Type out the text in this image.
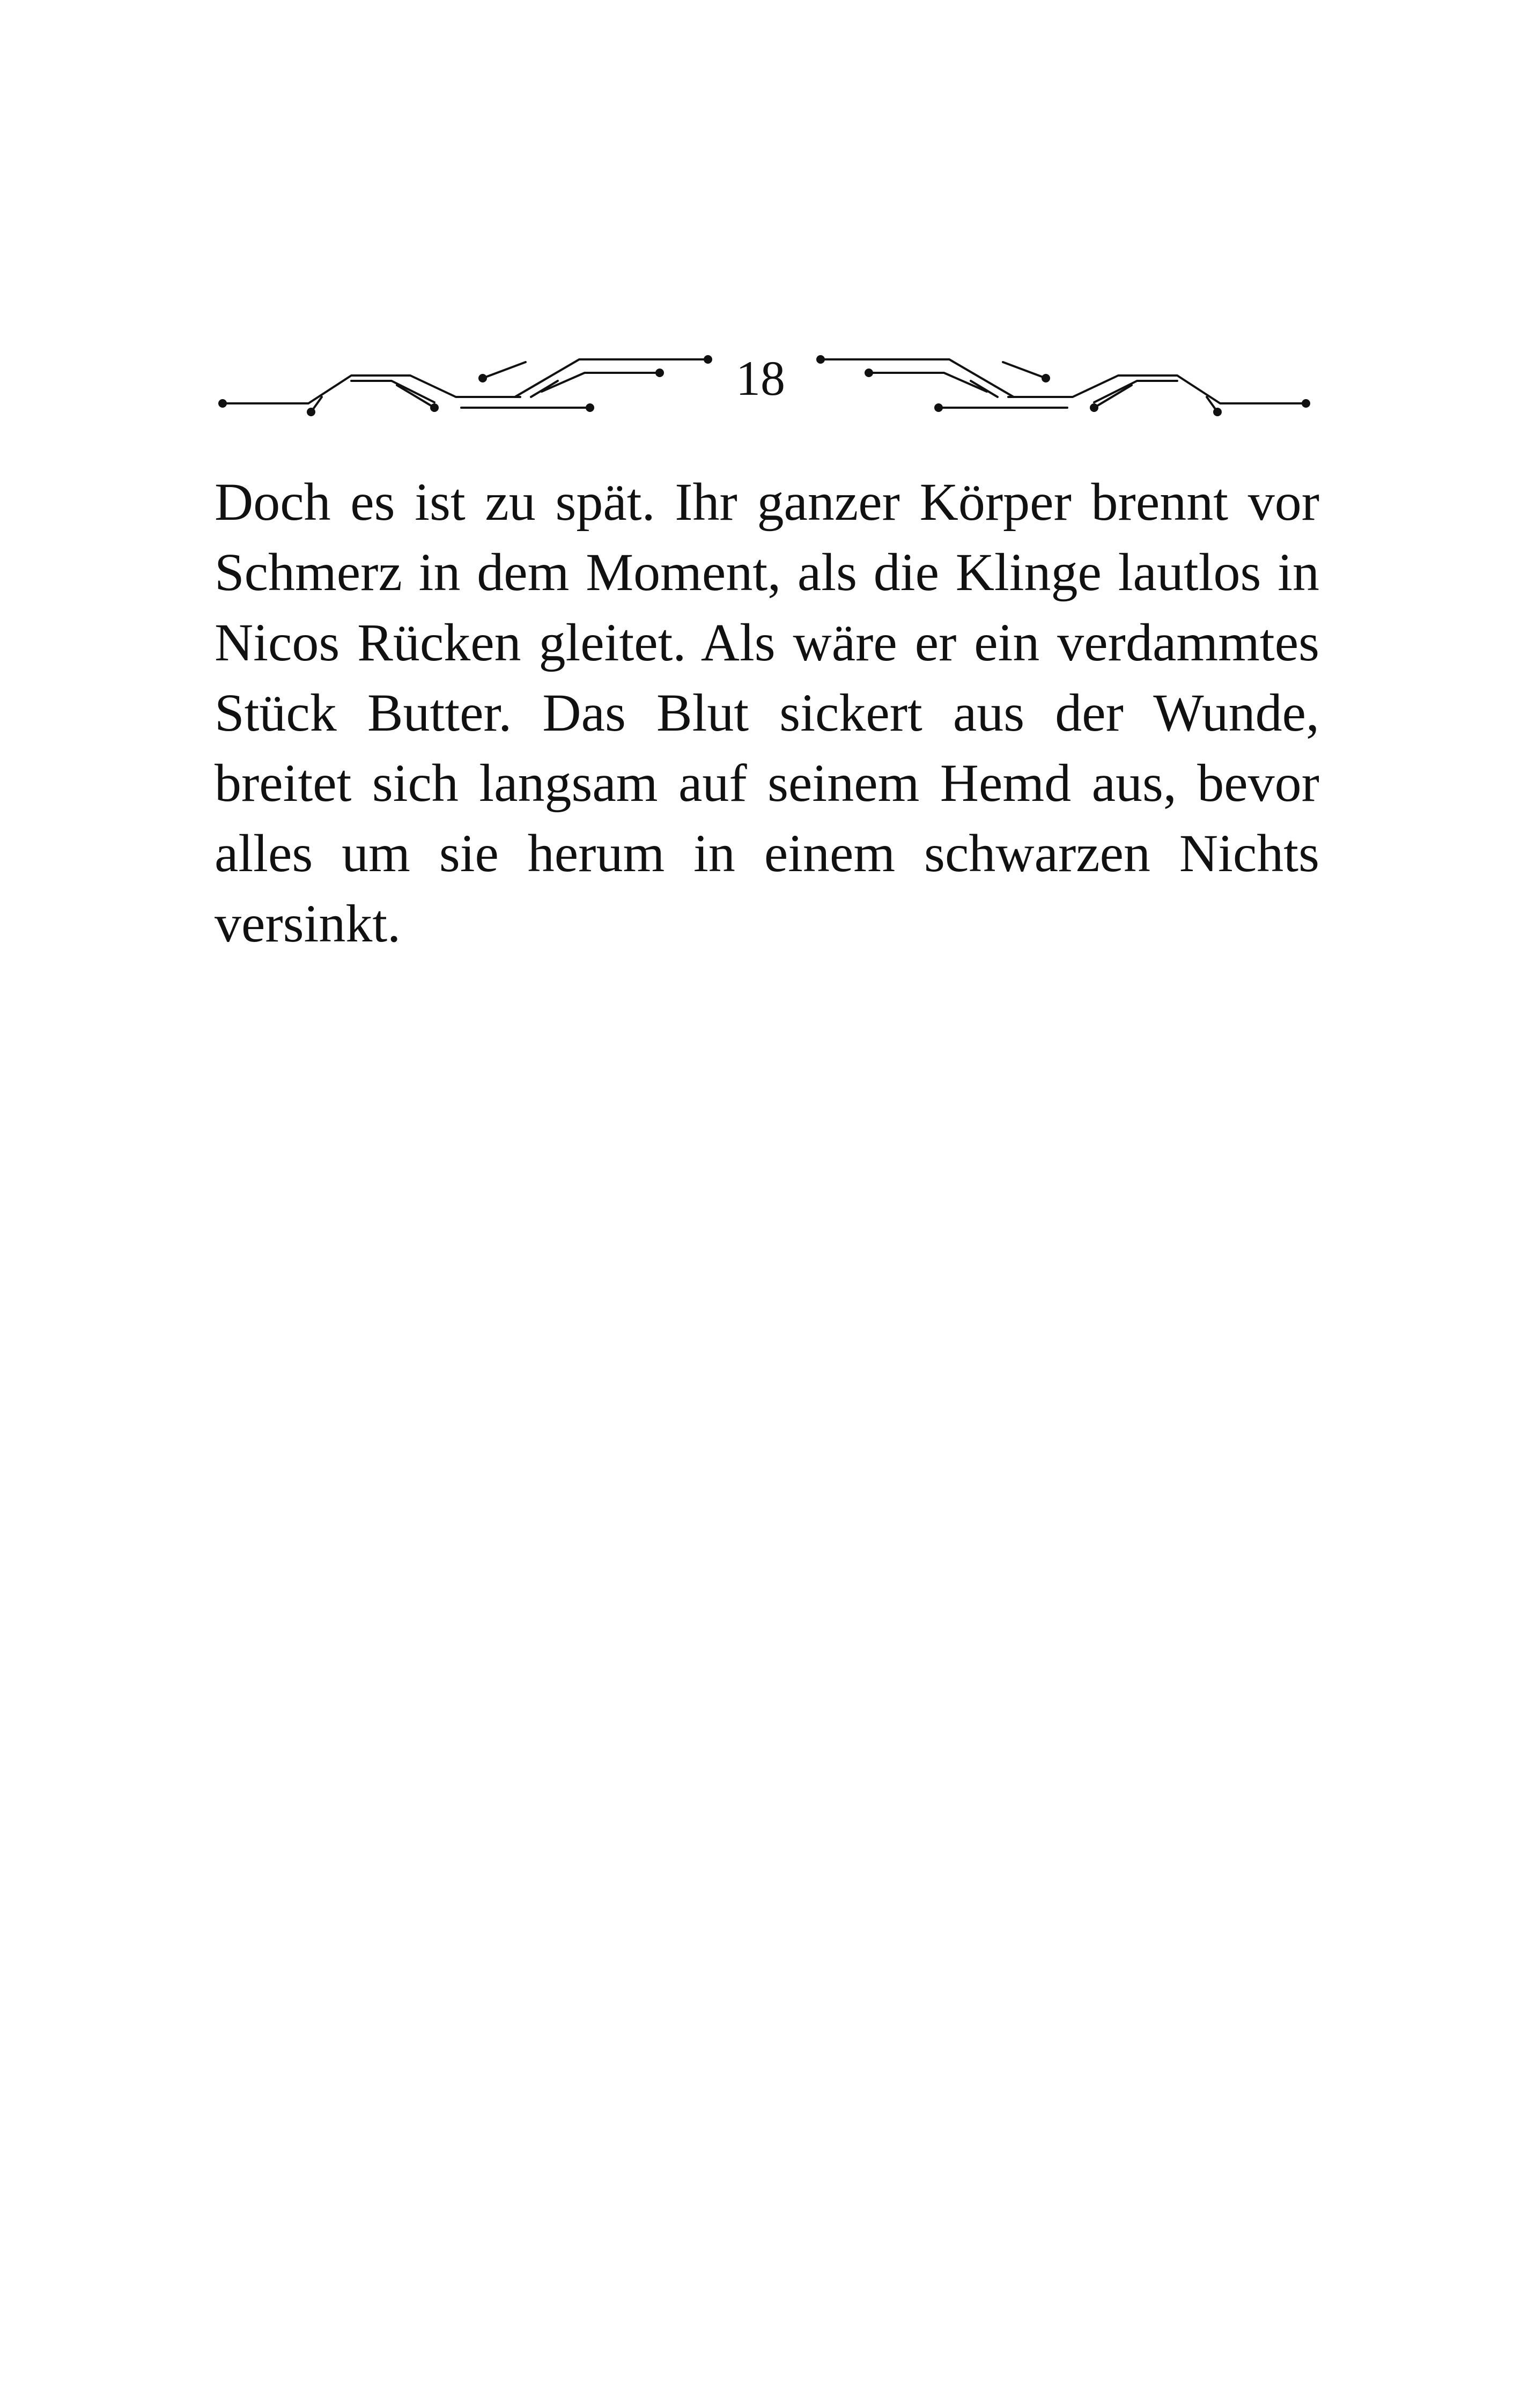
18

Doch es ist zu spät. Ihr ganzer Körper brennt vor Schmerz in dem Moment, als die Klinge lautlos in Nicos Rücken gleitet. Als wäre er ein verdammtes Stück Butter. Das Blut sickert aus der Wunde, breitet sich langsam auf seinem Hemd aus, bevor alles um sie herum in einem schwarzen Nichts versinkt.
